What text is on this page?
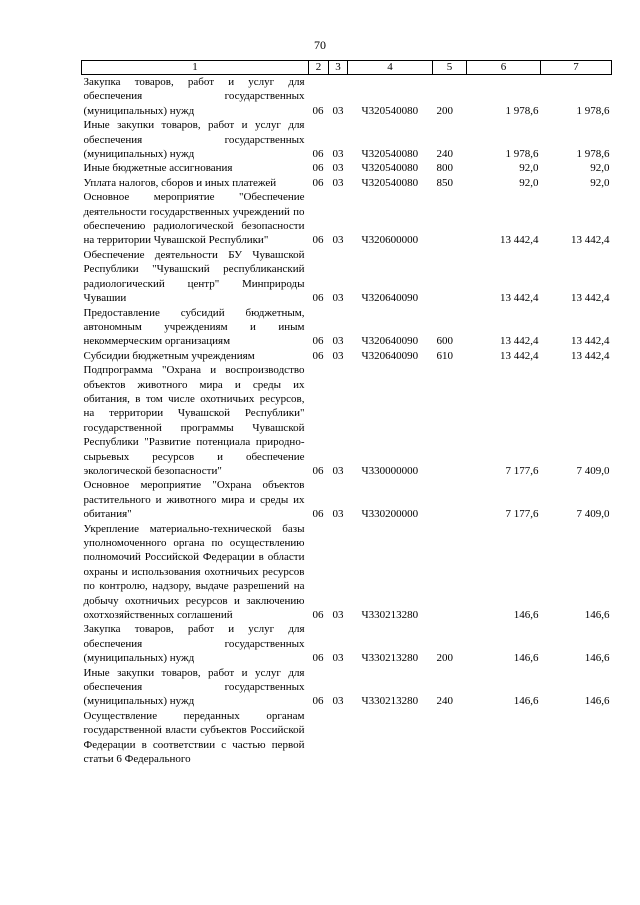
70
1	2	3	4	5	6	7
Закупка товаров, работ и услуг для обеспечения государственных (муниципальных) нужд	06	03	Ч320540080	200	1 978,6	1 978,6
Иные закупки товаров, работ и услуг для обеспечения государственных (муниципальных) нужд	06	03	Ч320540080	240	1 978,6	1 978,6
Иные бюджетные ассигнования	06	03	Ч320540080	800	92,0	92,0
Уплата налогов, сборов и иных платежей	06	03	Ч320540080	850	92,0	92,0
Основное мероприятие "Обеспечение деятельности государственных учреждений по обеспечению радиологической безопасности на территории Чувашской Республики"	06	03	Ч320600000		13 442,4	13 442,4
Обеспечение деятельности БУ Чувашской Республики "Чувашский республиканский радиологический центр" Минприроды Чувашии	06	03	Ч320640090		13 442,4	13 442,4
Предоставление субсидий бюджетным, автономным учреждениям и иным некоммерческим организациям	06	03	Ч320640090	600	13 442,4	13 442,4
Субсидии бюджетным учреждениям	06	03	Ч320640090	610	13 442,4	13 442,4
Подпрограмма "Охрана и воспроизводство объектов животного мира и среды их обитания, в том числе охотничьих ресурсов, на территории Чувашской Республики" государственной программы Чувашской Республики "Развитие потенциала природно-сырьевых ресурсов и обеспечение экологической безопасности"	06	03	Ч330000000		7 177,6	7 409,0
Основное мероприятие "Охрана объектов растительного и животного мира и среды их обитания"	06	03	Ч330200000		7 177,6	7 409,0
Укрепление материально-технической базы уполномоченного органа по осуществлению полномочий Российской Федерации в области охраны и использования охотничьих ресурсов по контролю, надзору, выдаче разрешений на добычу охотничьих ресурсов и заключению охотхозяйственных соглашений	06	03	Ч330213280		146,6	146,6
Закупка товаров, работ и услуг для обеспечения государственных (муниципальных) нужд	06	03	Ч330213280	200	146,6	146,6
Иные закупки товаров, работ и услуг для обеспечения государственных (муниципальных) нужд	06	03	Ч330213280	240	146,6	146,6
Осуществление переданных органам государственной власти субъектов Российской Федерации в соответствии с частью первой статьи 6 Федерального						
